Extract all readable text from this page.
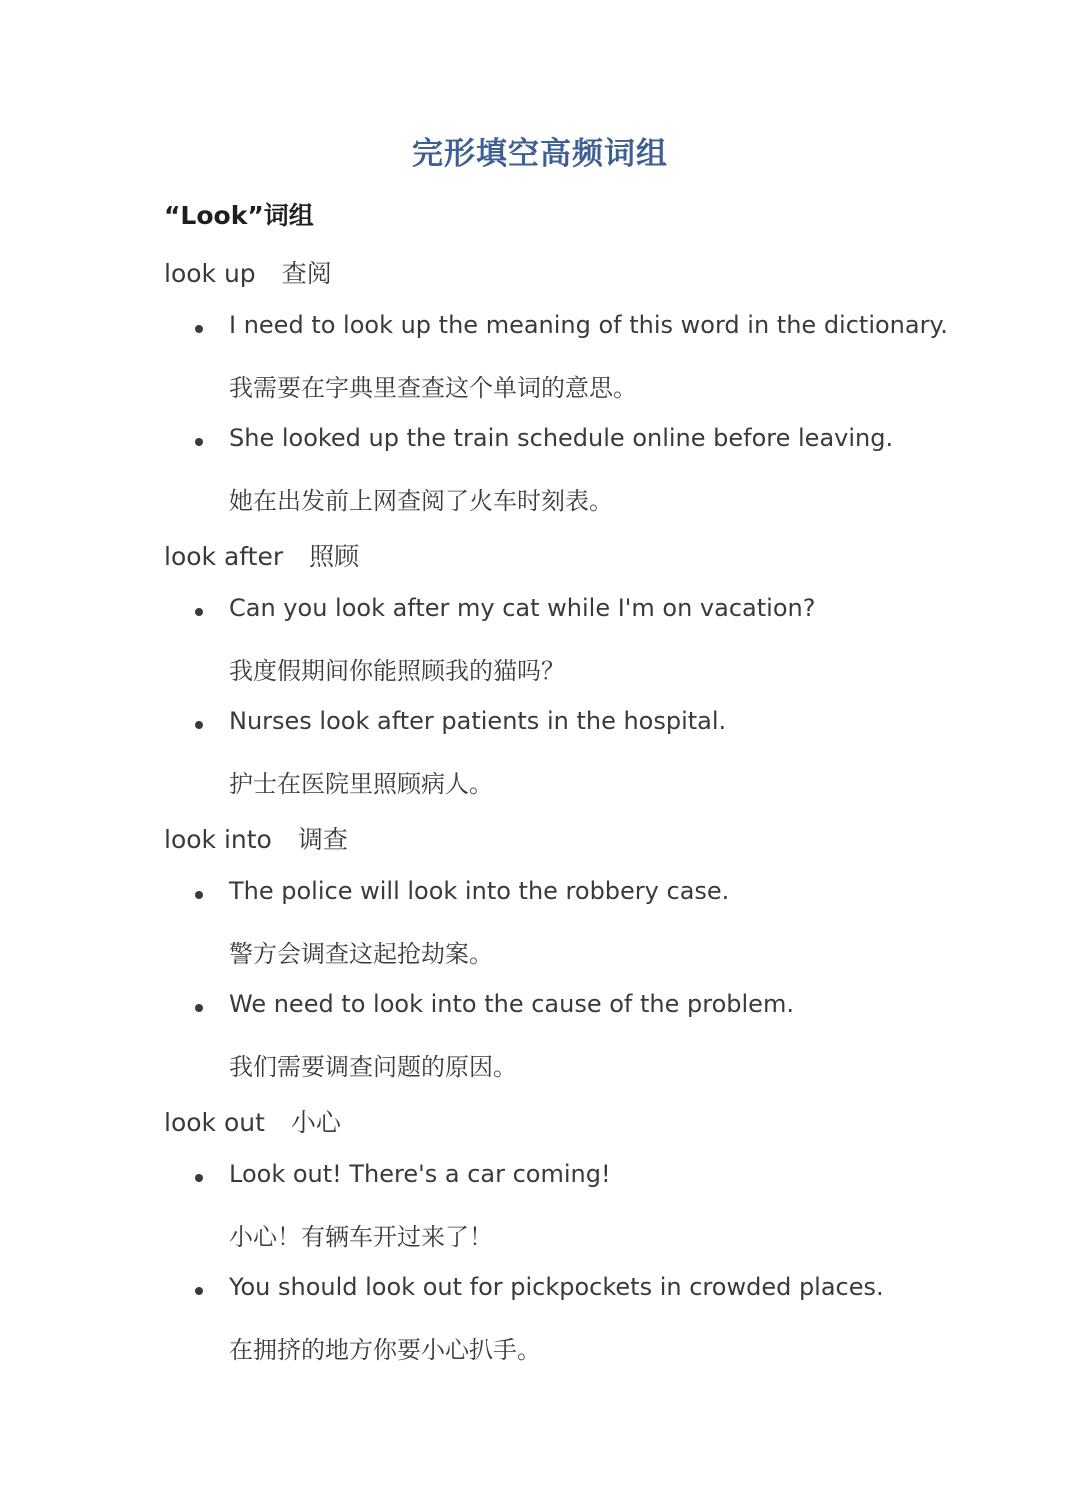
完形填空高频词组
“Look”词组
look up 查阅
I need to look up the meaning of this word in the dictionary.
我需要在字典里查查这个单词的意思。
She looked up the train schedule online before leaving.
她在出发前上网查阅了火车时刻表。
look after 照顾
Can you look after my cat while I'm on vacation?
我度假期间你能照顾我的猫吗？
Nurses look after patients in the hospital.
护士在医院里照顾病人。
look into 调查
The police will look into the robbery case.
警方会调查这起抢劫案。
We need to look into the cause of the problem.
我们需要调查问题的原因。
look out 小心
Look out! There's a car coming!
小心！有辆车开过来了！
You should look out for pickpockets in crowded places.
在拥挤的地方你要小心扒手。
